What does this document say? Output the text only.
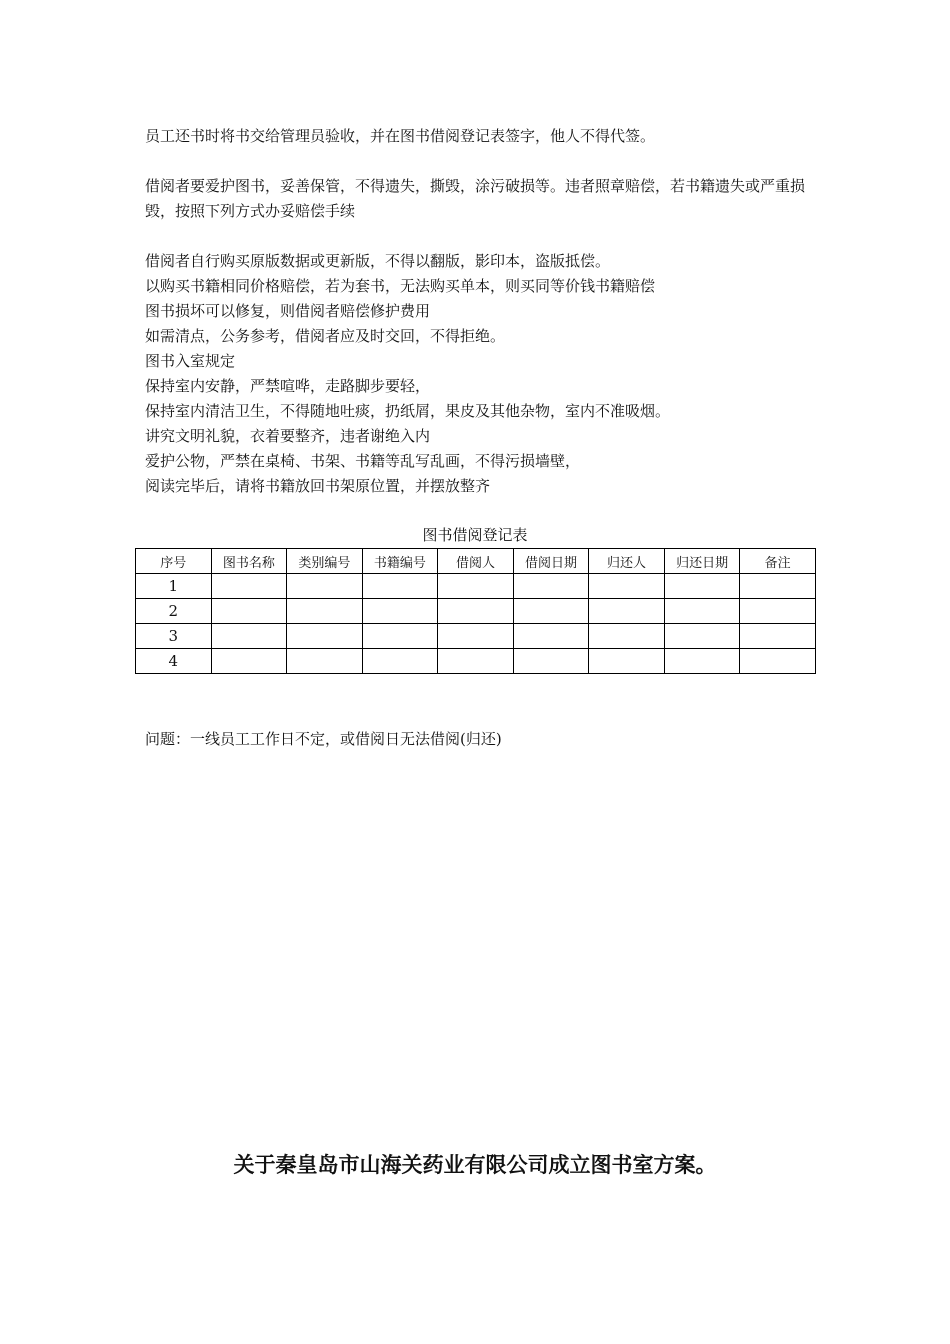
员工还书时将书交给管理员验收，并在图书借阅登记表签字，他人不得代签。

借阅者要爱护图书，妥善保管，不得遗失，撕毁，涂污破损等。违者照章赔偿，若书籍遗失或严重损毁，按照下列方式办妥赔偿手续

借阅者自行购买原版数据或更新版，不得以翻版，影印本，盗版抵偿。

以购买书籍相同价格赔偿，若为套书，无法购买单本，则买同等价钱书籍赔偿

图书损坏可以修复，则借阅者赔偿修护费用

如需清点，公务参考，借阅者应及时交回，不得拒绝。

图书入室规定

保持室内安静，严禁喧哗，走路脚步要轻，

保持室内清洁卫生，不得随地吐痰，扔纸屑，果皮及其他杂物，室内不准吸烟。

讲究文明礼貌，衣着要整齐，违者谢绝入内

爱护公物，严禁在桌椅、书架、书籍等乱写乱画，不得污损墙壁，

阅读完毕后，请将书籍放回书架原位置，并摆放整齐

图书借阅登记表
序号	图书名称	类别编号	书籍编号	借阅人	借阅日期	归还人	归还日期	备注
1								
2								
3								
4								
问题：一线员工工作日不定，或借阅日无法借阅(归还)
关于秦皇岛市山海关药业有限公司成立图书室方案。
